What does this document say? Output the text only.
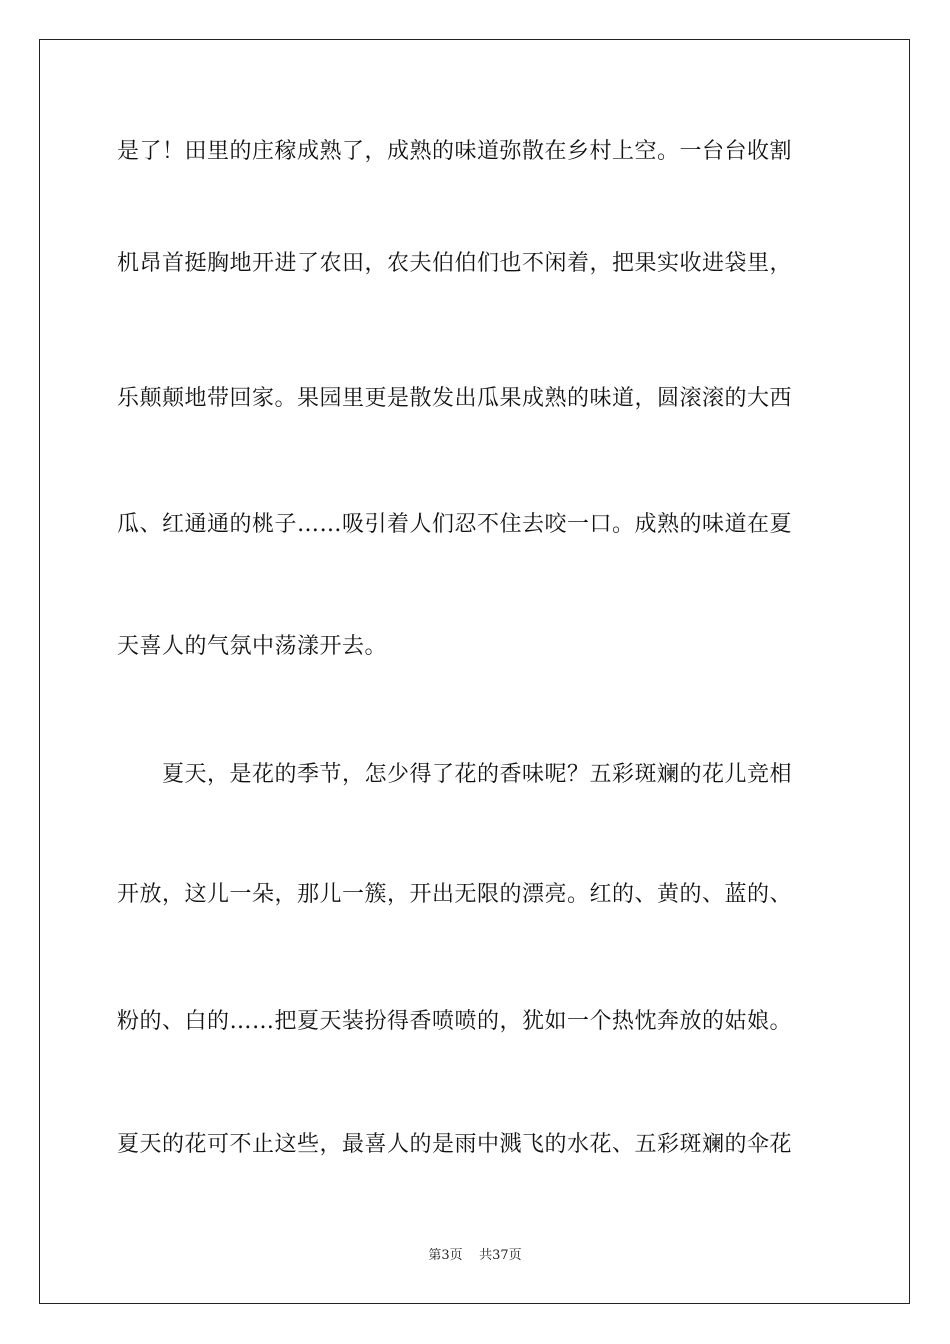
是了！田里的庄稼成熟了，成熟的味道弥散在乡村上空。一台台收割
机昂首挺胸地开进了农田，农夫伯伯们也不闲着，把果实收进袋里，
乐颠颠地带回家。果园里更是散发出瓜果成熟的味道，圆滚滚的大西
瓜、红通通的桃子……吸引着人们忍不住去咬一口。成熟的味道在夏
天喜人的气氛中荡漾开去。
　　夏天，是花的季节，怎少得了花的香味呢？五彩斑斓的花儿竞相
开放，这儿一朵，那儿一簇，开出无限的漂亮。红的、黄的、蓝的、
粉的、白的……把夏天装扮得香喷喷的，犹如一个热忱奔放的姑娘。
夏天的花可不止这些，最喜人的是雨中溅飞的水花、五彩斑斓的伞花
第3页 共37页
